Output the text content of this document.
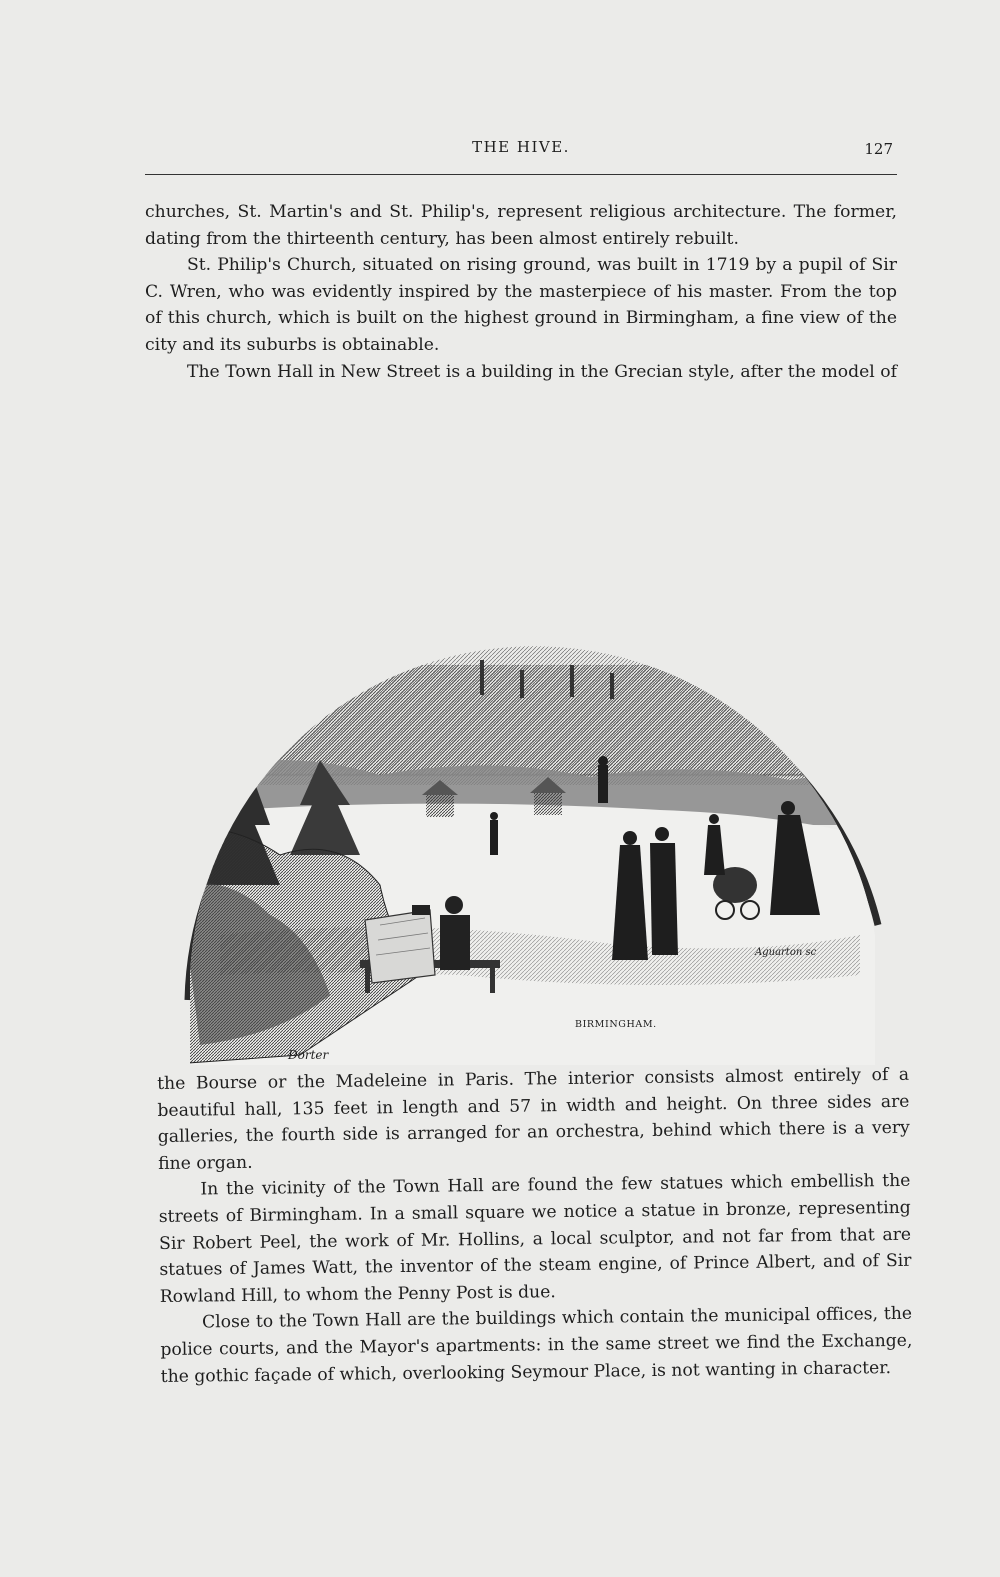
THE HIVE.	127

churches, St. Martin's and St. Philip's, represent religious architecture. The former, dating from the thirteenth century, has been almost entirely rebuilt.

St. Philip's Church, situated on rising ground, was built in 1719 by a pupil of Sir C. Wren, who was evidently inspired by the masterpiece of his master. From the top of this church, which is built on the highest ground in Birmingham, a fine view of the city and its suburbs is obtainable.

The Town Hall in New Street is a building in the Grecian style, after the model of

BIRMINGHAM.
Dorter
Aguarton sc

the Bourse or the Madeleine in Paris. The interior consists almost entirely of a beautiful hall, 135 feet in length and 57 in width and height. On three sides are galleries, the fourth side is arranged for an orchestra, behind which there is a very fine organ.

In the vicinity of the Town Hall are found the few statues which embellish the streets of Birmingham. In a small square we notice a statue in bronze, representing Sir Robert Peel, the work of Mr. Hollins, a local sculptor, and not far from that are statues of James Watt, the inventor of the steam engine, of Prince Albert, and of Sir Rowland Hill, to whom the Penny Post is due.

Close to the Town Hall are the buildings which contain the municipal offices, the police courts, and the Mayor's apartments: in the same street we find the Exchange, the gothic façade of which, overlooking Seymour Place, is not wanting in character.
